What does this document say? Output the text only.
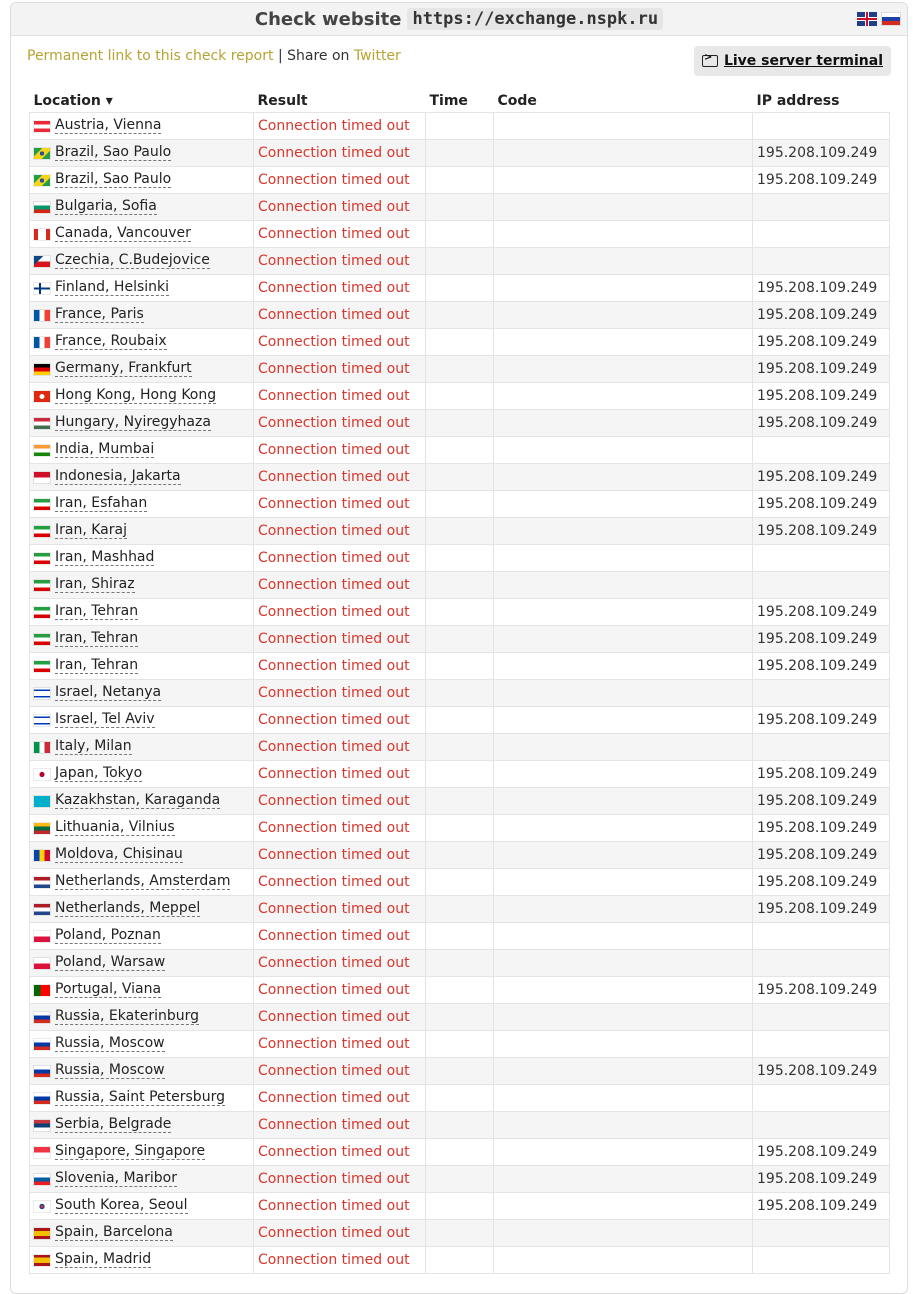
Check website https://exchange.nspk.ru
Permanent link to this check report | Share on Twitter >	Live server terminal
Location ▾	Result	Time	Code	IP address

Austria, Vienna	Connection timed out			

Brazil, Sao Paulo	Connection timed out			195.208.109.249

Brazil, Sao Paulo	Connection timed out			195.208.109.249

Bulgaria, Sofia	Connection timed out			

Canada, Vancouver	Connection timed out			

Czechia, C.Budejovice	Connection timed out			

Finland, Helsinki	Connection timed out			195.208.109.249

France, Paris	Connection timed out			195.208.109.249

France, Roubaix	Connection timed out			195.208.109.249

Germany, Frankfurt	Connection timed out			195.208.109.249

Hong Kong, Hong Kong	Connection timed out			195.208.109.249

Hungary, Nyiregyhaza	Connection timed out			195.208.109.249

India, Mumbai	Connection timed out			

Indonesia, Jakarta	Connection timed out			195.208.109.249

Iran, Esfahan	Connection timed out			195.208.109.249

Iran, Karaj	Connection timed out			195.208.109.249

Iran, Mashhad	Connection timed out			

Iran, Shiraz	Connection timed out			

Iran, Tehran	Connection timed out			195.208.109.249

Iran, Tehran	Connection timed out			195.208.109.249

Iran, Tehran	Connection timed out			195.208.109.249

Israel, Netanya	Connection timed out			

Israel, Tel Aviv	Connection timed out			195.208.109.249

Italy, Milan	Connection timed out			

Japan, Tokyo	Connection timed out			195.208.109.249

Kazakhstan, Karaganda	Connection timed out			195.208.109.249

Lithuania, Vilnius	Connection timed out			195.208.109.249

Moldova, Chisinau	Connection timed out			195.208.109.249

Netherlands, Amsterdam	Connection timed out			195.208.109.249

Netherlands, Meppel	Connection timed out			195.208.109.249

Poland, Poznan	Connection timed out			

Poland, Warsaw	Connection timed out			

Portugal, Viana	Connection timed out			195.208.109.249

Russia, Ekaterinburg	Connection timed out			

Russia, Moscow	Connection timed out			

Russia, Moscow	Connection timed out			195.208.109.249

Russia, Saint Petersburg	Connection timed out			

Serbia, Belgrade	Connection timed out			

Singapore, Singapore	Connection timed out			195.208.109.249

Slovenia, Maribor	Connection timed out			195.208.109.249

South Korea, Seoul	Connection timed out			195.208.109.249

Spain, Barcelona	Connection timed out			

Spain, Madrid	Connection timed out			
